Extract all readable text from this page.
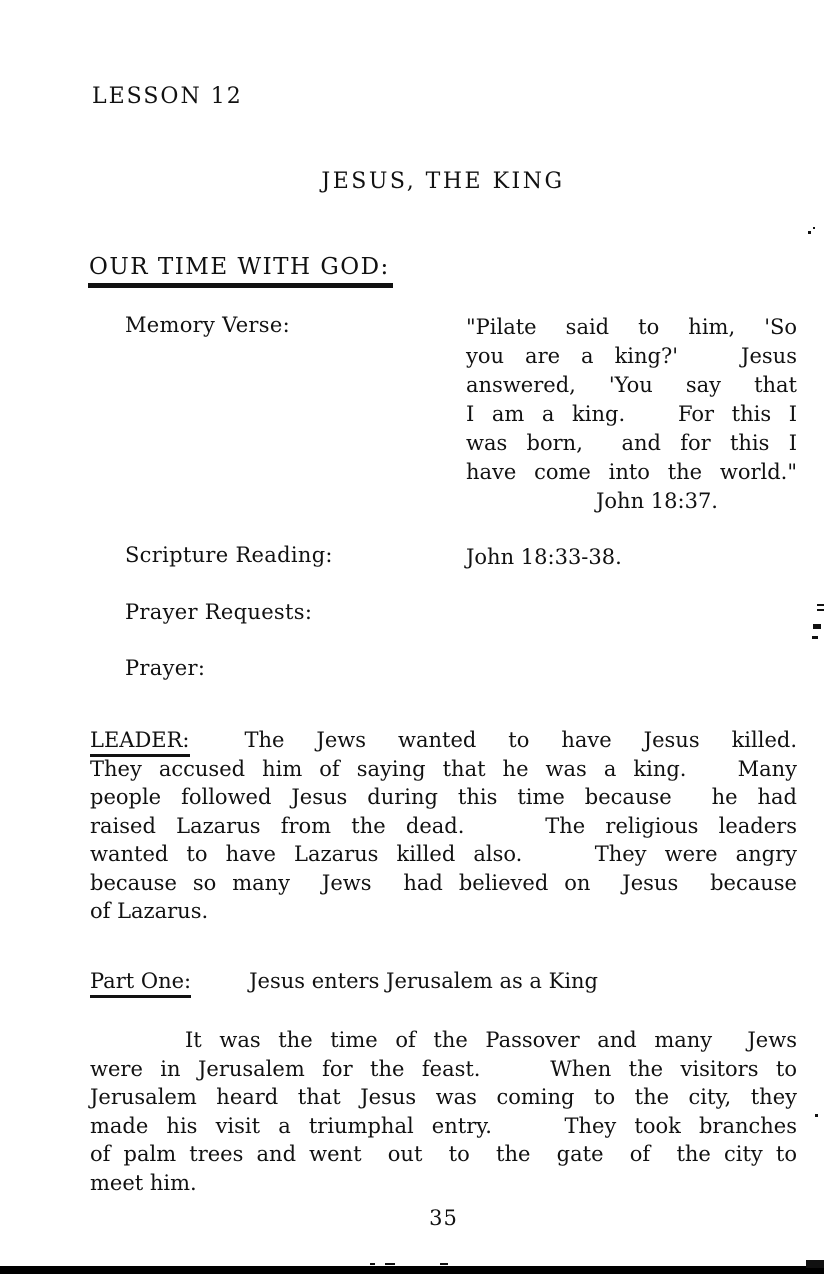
LESSON 12
JESUS, THE KING
OUR TIME WITH GOD:
Memory Verse:	"Pilate said to him, 'So
you are a king?'   Jesus
answered, 'You say that
I am a king.   For this I
was born,  and for this I
have come into the world."
John 18:37.
Scripture Reading:	John 18:33-38.
Prayer Requests:
Prayer:
LEADER:	The Jews wanted to have Jesus killed.
They accused him of saying that he was a king.   Many
people followed Jesus during this time because  he had
raised Lazarus from the dead.    The religious leaders
wanted to have Lazarus killed also.    They were angry
because so many  Jews  had believed on  Jesus  because
of Lazarus.
Part One:	Jesus enters Jerusalem as a King
It was the time of the Passover and many  Jews
were in Jerusalem for the feast.    When the visitors to
Jerusalem heard that Jesus was coming to the city, they
made his visit a triumphal entry.    They took branches
of palm trees and went  out  to  the  gate  of  the city to
meet him.
35
